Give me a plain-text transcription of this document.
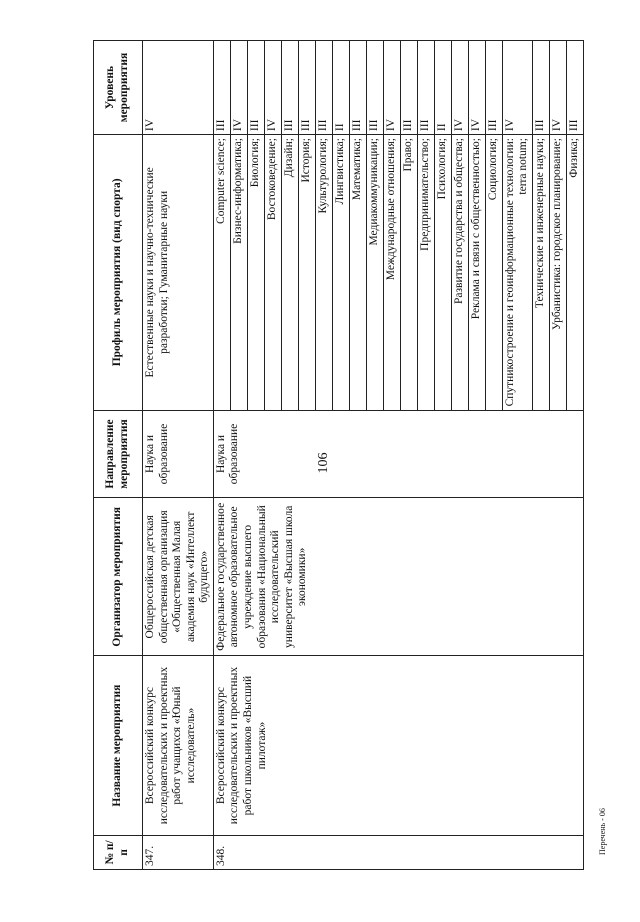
106
Перечень - 06
№ п/п	Название мероприятия	Организатор мероприятия	Направление мероприятия	Профиль мероприятия (вид спорта)	Уровень мероприятия
347.	Всероссийский конкурс исследовательских и проектных работ учащихся «Юный исследователь»	Общероссийская детская общественная организация «Общественная Малая академия наук «Интеллект будущего»	Наука и образование	Естественные науки и научно-технические разработки; Гуманитарные науки	IV
348.	Всероссийский конкурс исследовательских и проектных работ школьников «Высший пилотаж»	Федеральное государственное автономное образовательное учреждение высшего образования «Национальный исследовательский университет «Высшая школа экономики»	Наука и образование	Computer science;	III
				Бизнес-информатика;	IV
				Биология;	III
				Востоковедение;	IV
				Дизайн;	III
				История;	III
				Культурология;	III
				Лингвистика;	II
				Математика;	III
				Медиакоммуникации;	III
				Международные отношения;	IV
				Право;	III
				Предпринимательство;	III
				Психология;	II
				Развитие государства и общества;	IV
				Реклама и связи с общественностью;	IV
				Социология;	III
				Спутникостроение и геоинформационные технологии: terra notum;	IV
				Технические и инженерные науки;	III
				Урбанистика: городское планирование;	IV
				Физика;	III
